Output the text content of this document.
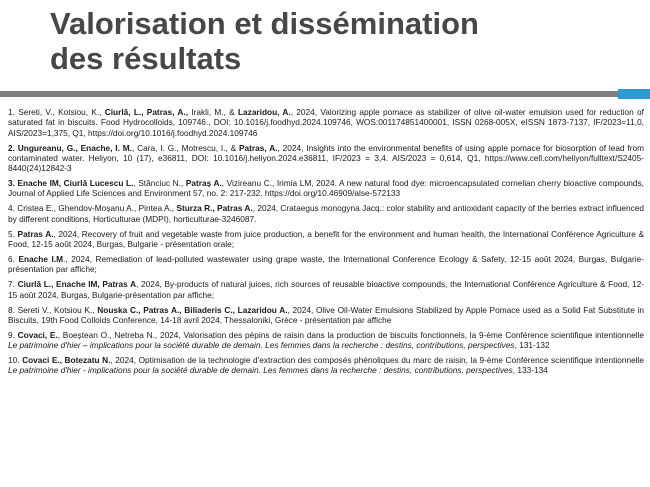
Valorisation et dissémination
des résultats

1. Sereti, V., Kotsiou, K., Ciurlǎ, L., Patras, A., Irakli, M., & Lazaridou, A., 2024, Valorizing apple pomace as stabilizer of olive oil-water emulsion used for reduction of saturated fat in biscuits. Food Hydrocolloids, 109746., DOI: 10.1016/j.foodhyd.2024.109746, WOS:001174851400001, ISSN 0268-005X, eISSN 1873-7137, IF/2023=11,0, AIS/2023=1,375, Q1, https://doi.org/10.1016/j.foodhyd.2024.109746

2. Ungureanu, G., Enache, I. M., Cara, I. G., Motrescu, I., & Patras, A., 2024, Insights into the environmental benefits of using apple pomace for biosorption of lead from contaminated water. Heliyon, 10 (17), e36811, DOI: 10.1016/j.heliyon.2024.e36811, IF/2023 = 3,4. AIS/2023 = 0,614, Q1, https://www.cell.com/heliyon/fulltext/S2405-8440(24)12842-3

3. Enache IM, Ciurlǎ Lucescu L., Stănciuc N., Patraș A., Vizireanu C., Irimia LM, 2024. A new natural food dye: microencapsulated cornelian cherry bioactive compounds, Journal of Applied Life Sciences and Environment 57, no. 2: 217-232. https://doi.org/10.46909/alse-572133

4. Cristea E., Ghendov-Moșanu A., Pintea A., Sturza R., Patras A., 2024, Crataegus monogyna Jacq.: color stability and antioxidant capacity of the berries extract influenced by different conditions, Horticulturae (MDPI), horticulturae-3246087.

5. Patras A., 2024, Recovery of fruit and vegetable waste from juice production, a benefit for the environment and human health, the International Conférence Agriculture & Food, 12-15 août 2024, Burgas, Bulgarie - présentation orale;

6. Enache I.M., 2024, Remediation of lead-polluted wastewater using grape waste, the International Conference Ecology & Safety, 12-15 août 2024, Burgas, Bulgarie-présentation par affiche;

7. Ciurlǎ L., Enache IM, Patras A, 2024, By-products of natural juices, rich sources of reusable bioactive compounds, the International Conférence Agriculture & Food, 12-15 août 2024, Burgas, Bulgarie-présentation par affiche;

8. Sereti V., Kotsiou K., Nouska C., Patras A., Biliaderis C., Lazaridou A., 2024, Olive Oil-Water Emulsions Stabilized by Apple Pomace used as a Solid Fat Substitute in Biscuits, 19th Food Colloids Conference, 14-18 avril 2024, Thessaloniki, Grèce - présentation par affiche

9. Covaci, E., Boeștean O., Netreba N., 2024, Valorisation des pépins de raisin dans la production de biscuits fonctionnels, la 9-ème Conférence scientifique intentionnelle Le patrimoine d'hier – implications pour la société durable de demain. Les femmes dans la recherche : destins, contributions, perspectives, 131-132

10. Covaci E., Botezatu N., 2024, Optimisation de la technologie d'extraction des composés phénoliques du marc de raisin, la 9-ème Conférence scientifique intentionnelle Le patrimoine d'hier - implications pour la société durable de demain. Les femmes dans la recherche : destins, contributions, perspectives, 133-134
